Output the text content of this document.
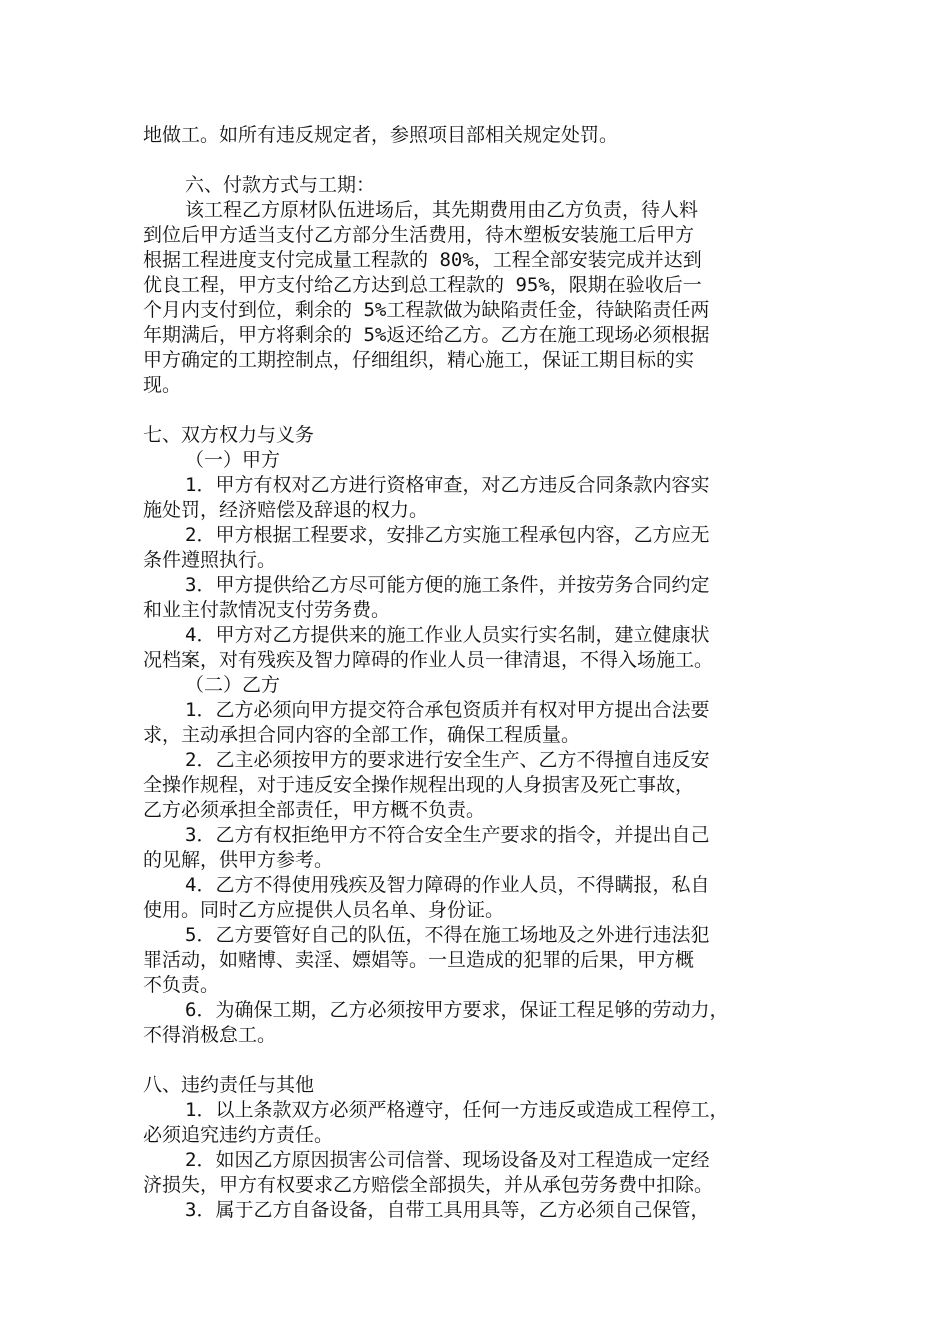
地做工。如所有违反规定者，参照项目部相关规定处罚。
六、付款方式与工期：
该工程乙方原材队伍进场后，其先期费用由乙方负责，待人料
到位后甲方适当支付乙方部分生活费用，待木塑板安装施工后甲方
根据工程进度支付完成量工程款的 80%，工程全部安装完成并达到
优良工程，甲方支付给乙方达到总工程款的 95%，限期在验收后一
个月内支付到位，剩余的 5%工程款做为缺陷责任金，待缺陷责任两
年期满后，甲方将剩余的 5%返还给乙方。乙方在施工现场必须根据
甲方确定的工期控制点，仔细组织，精心施工，保证工期目标的实
现。
七、双方权力与义务
（一）甲方
1．甲方有权对乙方进行资格审查，对乙方违反合同条款内容实
施处罚，经济赔偿及辞退的权力。
2．甲方根据工程要求，安排乙方实施工程承包内容，乙方应无
条件遵照执行。
3．甲方提供给乙方尽可能方便的施工条件，并按劳务合同约定
和业主付款情况支付劳务费。
4．甲方对乙方提供来的施工作业人员实行实名制，建立健康状
况档案，对有残疾及智力障碍的作业人员一律清退，不得入场施工。
（二）乙方
1．乙方必须向甲方提交符合承包资质并有权对甲方提出合法要
求，主动承担合同内容的全部工作，确保工程质量。
2．乙主必须按甲方的要求进行安全生产、乙方不得擅自违反安
全操作规程，对于违反安全操作规程出现的人身损害及死亡事故，
乙方必须承担全部责任，甲方概不负责。
3．乙方有权拒绝甲方不符合安全生产要求的指令，并提出自己
的见解，供甲方参考。
4．乙方不得使用残疾及智力障碍的作业人员，不得瞒报，私自
使用。同时乙方应提供人员名单、身份证。
5．乙方要管好自己的队伍，不得在施工场地及之外进行违法犯
罪活动，如赌博、卖淫、嫖娼等。一旦造成的犯罪的后果，甲方概
不负责。
6．为确保工期，乙方必须按甲方要求，保证工程足够的劳动力，
不得消极怠工。
八、违约责任与其他
1．以上条款双方必须严格遵守，任何一方违反或造成工程停工，
必须追究违约方责任。
2．如因乙方原因损害公司信誉、现场设备及对工程造成一定经
济损失，甲方有权要求乙方赔偿全部损失，并从承包劳务费中扣除。
3．属于乙方自备设备，自带工具用具等，乙方必须自己保管，
